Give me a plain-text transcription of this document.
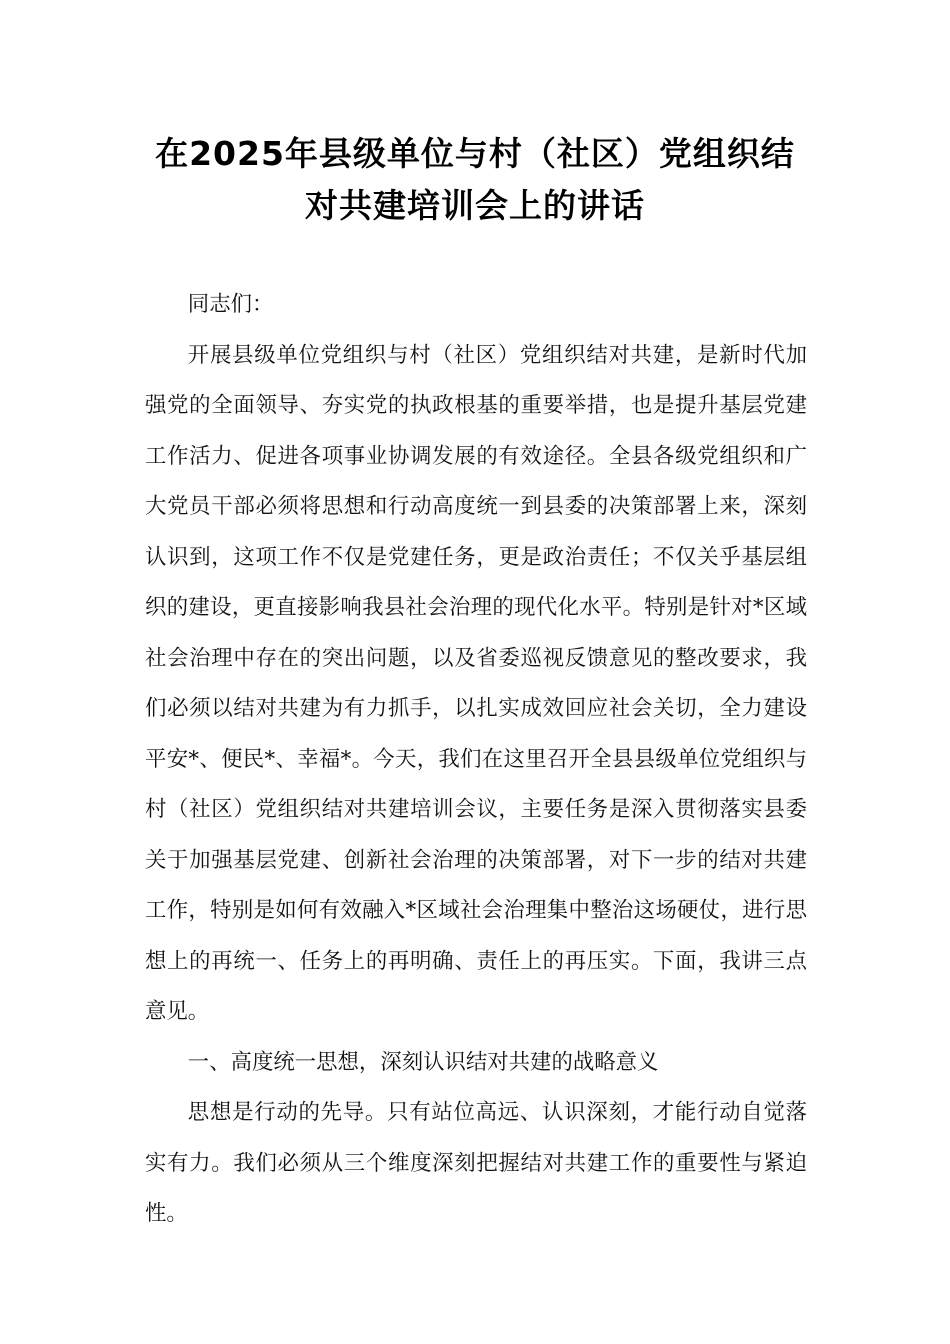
在2025年县级单位与村（社区）党组织结
对共建培训会上的讲话

同志们：

开展县级单位党组织与村（社区）党组织结对共建，是新时代加强党的全面领导、夯实党的执政根基的重要举措，也是提升基层党建工作活力、促进各项事业协调发展的有效途径。全县各级党组织和广大党员干部必须将思想和行动高度统一到县委的决策部署上来，深刻认识到，这项工作不仅是党建任务，更是政治责任；不仅关乎基层组织的建设，更直接影响我县社会治理的现代化水平。特别是针对*区域社会治理中存在的突出问题，以及省委巡视反馈意见的整改要求，我们必须以结对共建为有力抓手，以扎实成效回应社会关切，全力建设平安*、便民*、幸福*。今天，我们在这里召开全县县级单位党组织与村（社区）党组织结对共建培训会议，主要任务是深入贯彻落实县委关于加强基层党建、创新社会治理的决策部署，对下一步的结对共建工作，特别是如何有效融入*区域社会治理集中整治这场硬仗，进行思想上的再统一、任务上的再明确、责任上的再压实。下面，我讲三点意见。

一、高度统一思想，深刻认识结对共建的战略意义

思想是行动的先导。只有站位高远、认识深刻，才能行动自觉落实有力。我们必须从三个维度深刻把握结对共建工作的重要性与紧迫性。
